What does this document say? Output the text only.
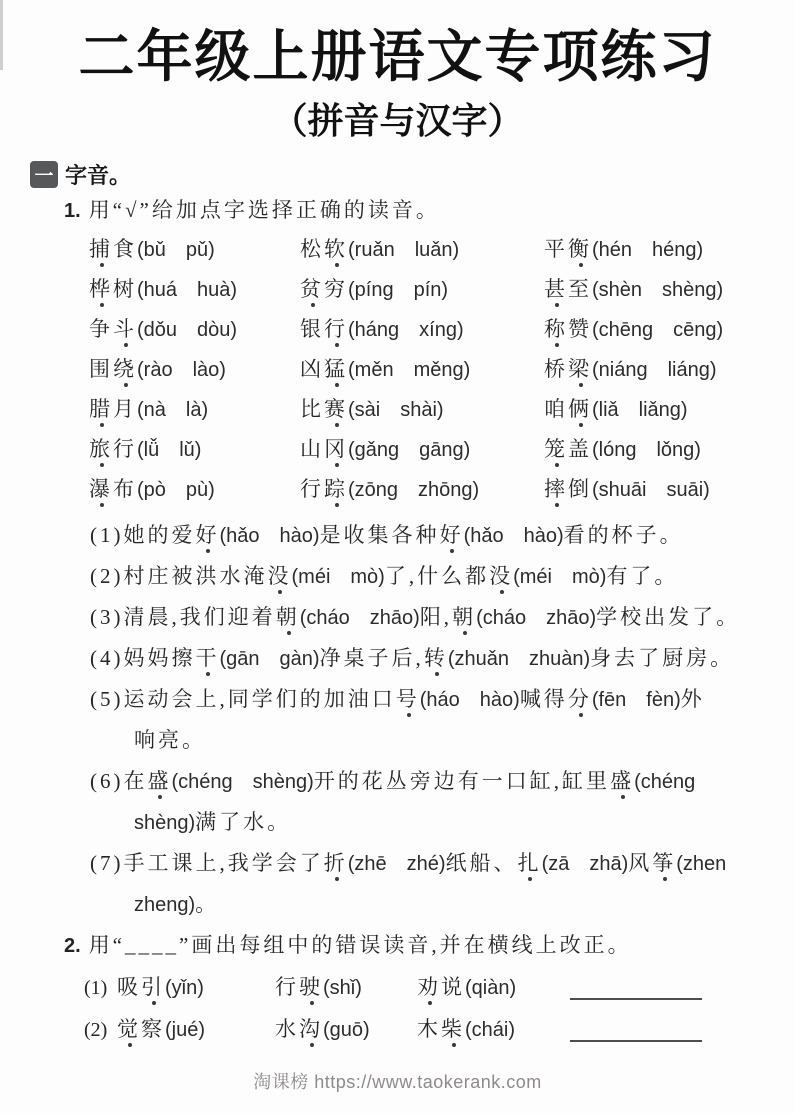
二年级上册语文专项练习
（拼音与汉字）
一 字音。
1. 用“√”给加点字选择正确的读音。
捕食(bǔ pǔ)	松软(ruǎn luǎn)	平衡(hén héng)
桦树(huá huà)	贫穷(píng pín)	甚至(shèn shèng)
争斗(dǒu dòu)	银行(háng xíng)	称赞(chēng cēng)
围绕(rào lào)	凶猛(měn měng)	桥梁(niáng liáng)
腊月(nà là)	比赛(sài shài)	咱俩(liǎ liǎng)
旅行(lǚ lǔ)	山冈(gǎng gāng)	笼盖(lóng lǒng)
瀑布(pò pù)	行踪(zōng zhōng)	摔倒(shuāi suāi)
(1)她的爱好(hǎo hào)是收集各种好(hǎo hào)看的杯子。
(2)村庄被洪水淹没(méi mò)了,什么都没(méi mò)有了。
(3)清晨,我们迎着朝(cháo zhāo)阳,朝(cháo zhāo)学校出发了。
(4)妈妈擦干(gān gàn)净桌子后,转(zhuǎn zhuàn)身去了厨房。
(5)运动会上,同学们的加油口号(háo hào)喊得分(fēn fèn)外
响亮。
(6)在盛(chéng shèng)开的花丛旁边有一口缸,缸里盛(chéng
shèng)满了水。
(7)手工课上,我学会了折(zhē zhé)纸船、扎(zā zhā)风筝(zhen
zheng)。
2. 用“____”画出每组中的错误读音,并在横线上改正。
(1) 吸引(yǐn)	行驶(shǐ)	劝说(qiàn)
(2) 觉察(jué)	水沟(guō)	木柴(chái)
淘课榜 https://www.taokerank.com
